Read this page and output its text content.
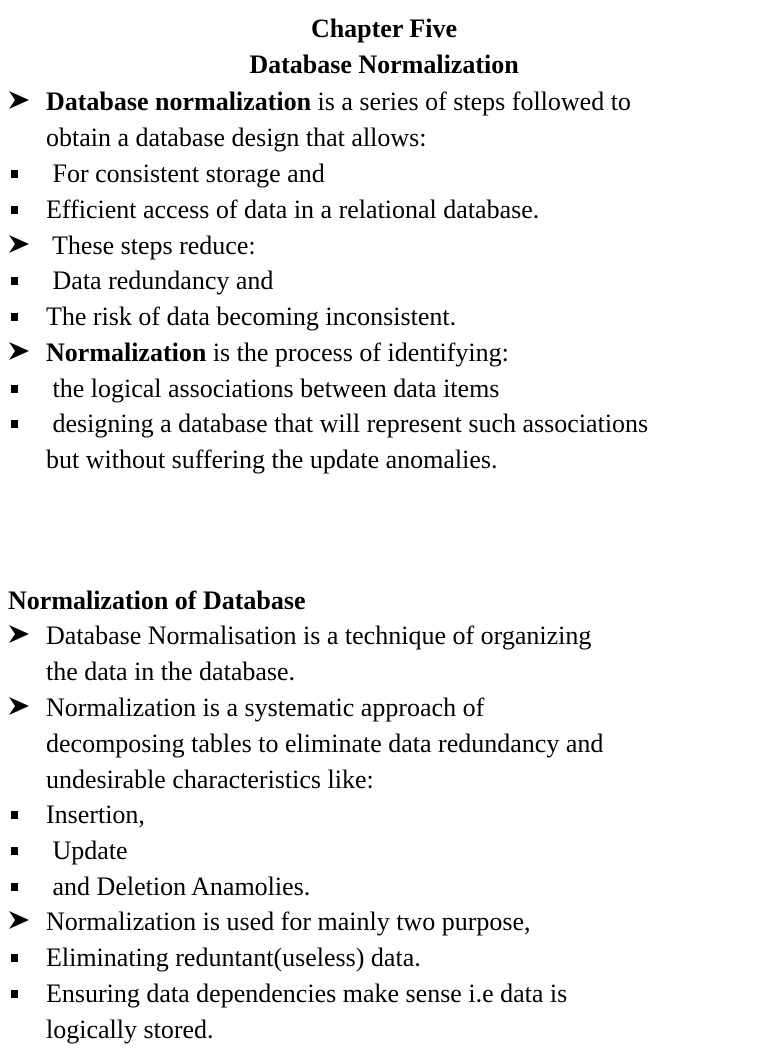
Chapter Five
Database Normalization
Database normalization is a series of steps followed to
obtain a database design that allows:
For consistent storage and
Efficient access of data in a relational database.
These steps reduce:
Data redundancy and
The risk of data becoming inconsistent.
Normalization is the process of identifying:
the logical associations between data items
designing a database that will represent such associations
but without suffering the update anomalies.
Normalization of Database
Database Normalisation is a technique of organizing
the data in the database.
Normalization is a systematic approach of
decomposing tables to eliminate data redundancy and
undesirable characteristics like:
Insertion,
Update
and Deletion Anamolies.
Normalization is used for mainly two purpose,
Eliminating reduntant(useless) data.
Ensuring data dependencies make sense i.e data is
logically stored.
